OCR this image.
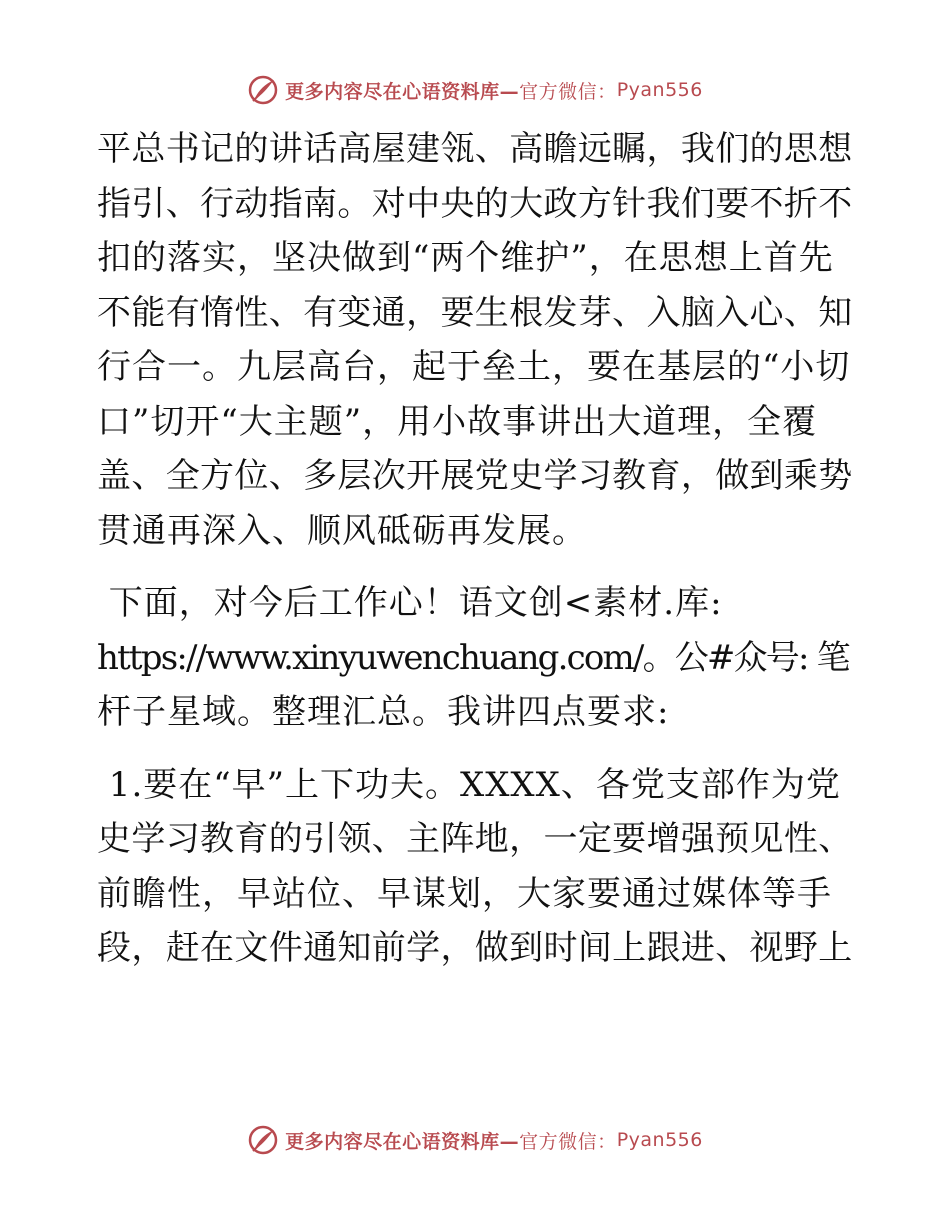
更多内容尽在心语资料库— 官方微信： Pyan556

平总书记的讲话高屋建瓴、高瞻远瞩，我们的思想
指引、行动指南。对中央的大政方针我们要不折不
扣的落实，坚决做到“两个维护”，在思想上首先
不能有惰性、有变通，要生根发芽、入脑入心、知
行合一。九层高台，起于垒土，要在基层的“小切
口”切开“大主题”，用小故事讲出大道理，全覆
盖、全方位、多层次开展党史学习教育，做到乘势
贯通再深入、顺风砥砺再发展。

下面，对今后工作心！语文创<素材.库:
https://www.xinyuwenchuang.com/。公#众号: 笔
杆子星域。整理汇总。我讲四点要求:

1.要在“早”上下功夫。XXXX、各党支部作为党
史学习教育的引领、主阵地，一定要增强预见性、
前瞻性，早站位、早谋划，大家要通过媒体等手
段，赶在文件通知前学，做到时间上跟进、视野上

更多内容尽在心语资料库— 官方微信： Pyan556
